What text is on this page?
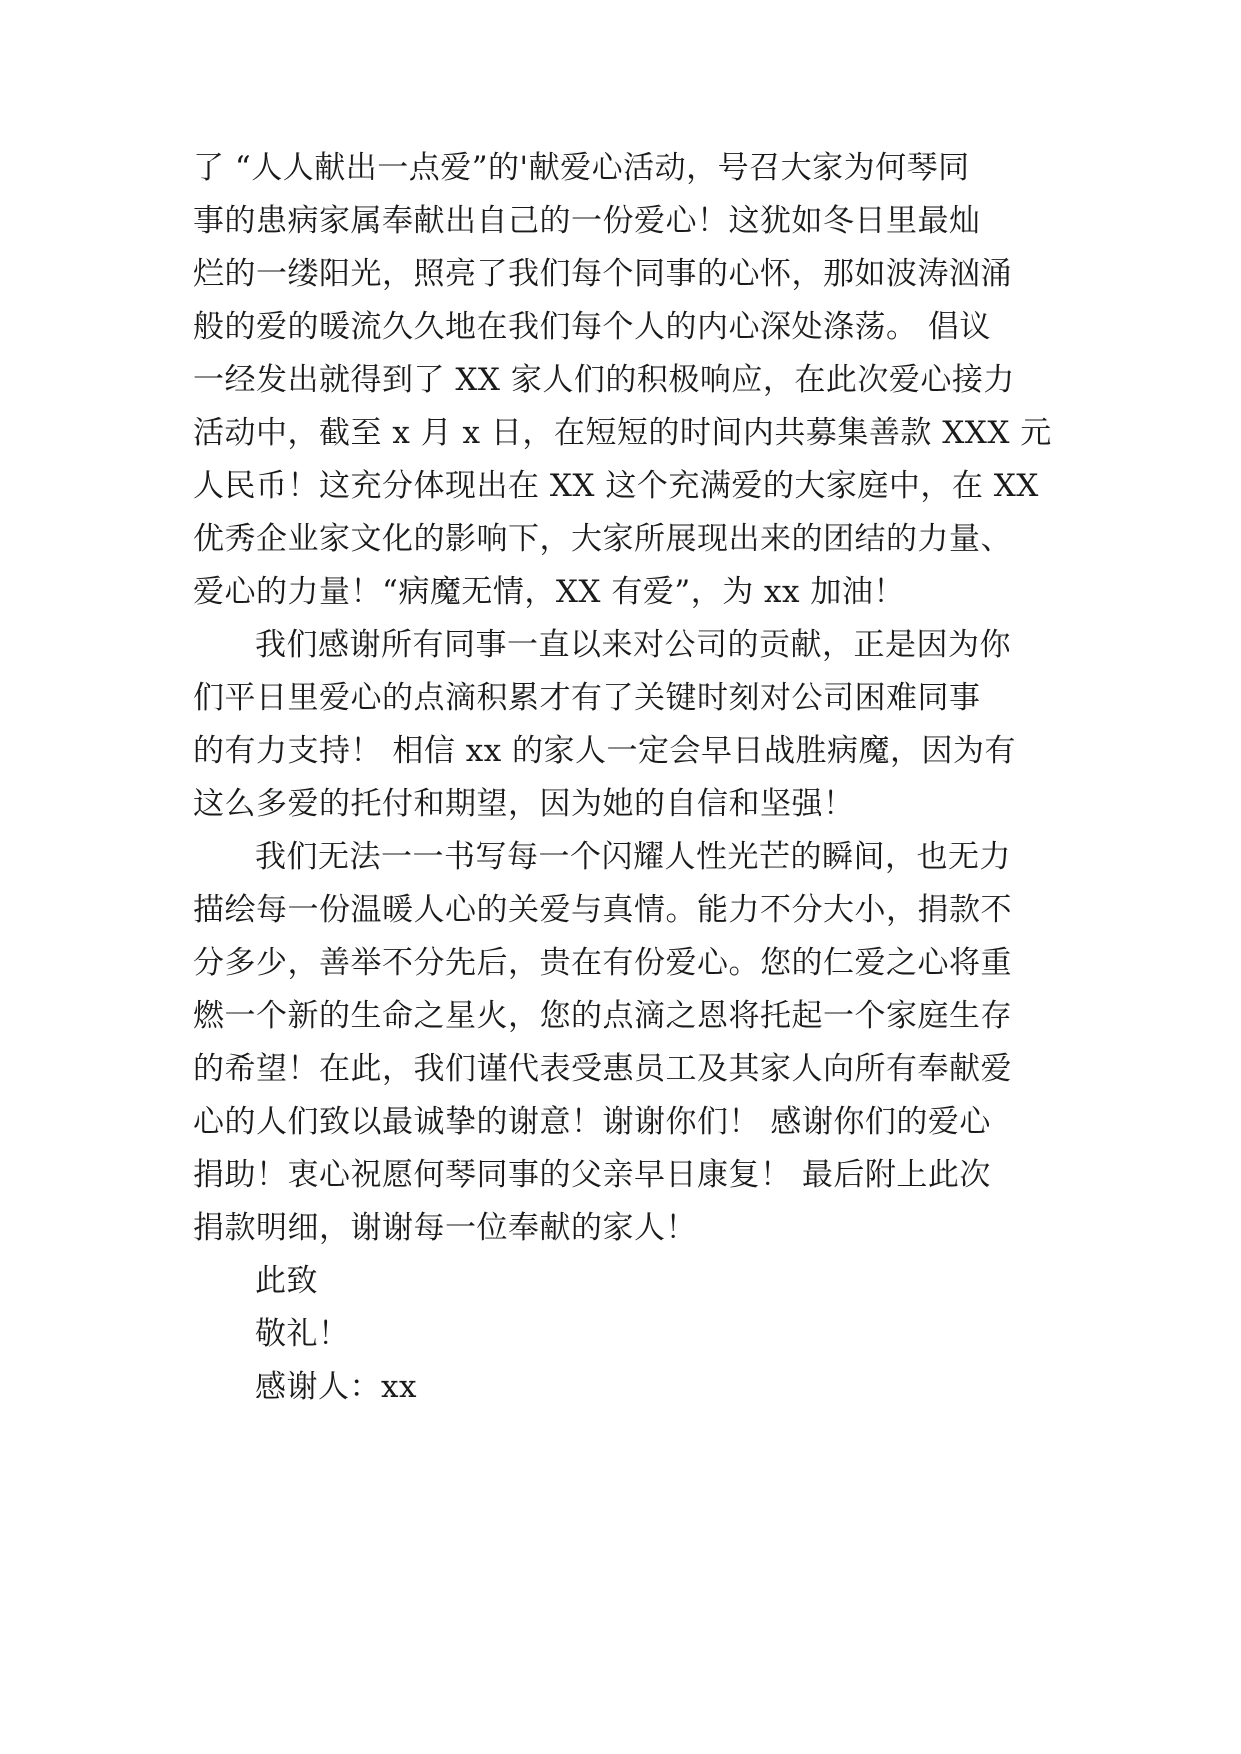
了 “人人献出一点爱”的'献爱心活动，号召大家为何琴同
事的患病家属奉献出自己的一份爱心！这犹如冬日里最灿
烂的一缕阳光，照亮了我们每个同事的心怀，那如波涛汹涌
般的爱的暖流久久地在我们每个人的内心深处涤荡。 倡议
一经发出就得到了 XX 家人们的积极响应，在此次爱心接力
活动中，截至 x 月 x 日，在短短的时间内共募集善款 XXX 元
人民币！这充分体现出在 XX 这个充满爱的大家庭中，在 XX
优秀企业家文化的影响下，大家所展现出来的团结的力量、
爱心的力量！“病魔无情，XX 有爱”，为 xx 加油！
我们感谢所有同事一直以来对公司的贡献，正是因为你
们平日里爱心的点滴积累才有了关键时刻对公司困难同事
的有力支持！ 相信 xx 的家人一定会早日战胜病魔，因为有
这么多爱的托付和期望，因为她的自信和坚强！
我们无法一一书写每一个闪耀人性光芒的瞬间，也无力
描绘每一份温暖人心的关爱与真情。能力不分大小，捐款不
分多少，善举不分先后，贵在有份爱心。您的仁爱之心将重
燃一个新的生命之星火，您的点滴之恩将托起一个家庭生存
的希望！在此，我们谨代表受惠员工及其家人向所有奉献爱
心的人们致以最诚挚的谢意！谢谢你们！ 感谢你们的爱心
捐助！衷心祝愿何琴同事的父亲早日康复！ 最后附上此次
捐款明细，谢谢每一位奉献的家人！
此致
敬礼！
感谢人：xx
